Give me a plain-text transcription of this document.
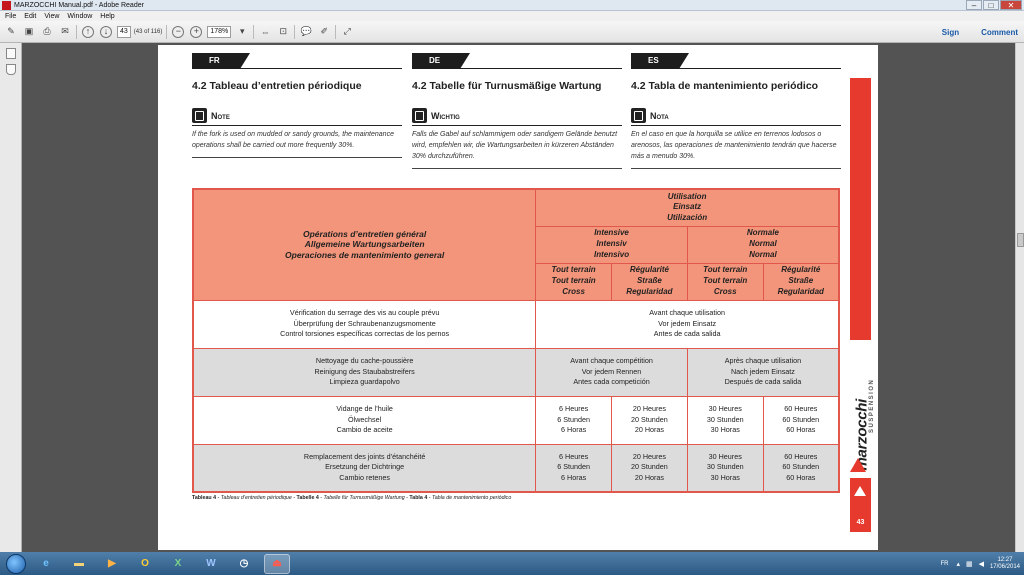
MARZOCCHI Manual.pdf - Adobe Reader	–	□	✕
File Edit View Window Help
✎	▣	⎙	✉	↑	↓	43	(43 of 116)	−	+	178%	▾	⇔	⊡	💬 ✐	⤢	Sign	Comment
FR
4.2 Tableau d’entretien périodique
Note
If the fork is used on mudded or sandy grounds, the maintenance operations shall be carried out more frequently 30%.
DE
4.2 Tabelle für Turnusmäßige Wartung
Wichtig
Falls die Gabel auf schlammigem oder sandigem Gelände benutzt wird, empfehlen wir, die Wartungsarbeiten in kürzeren Abständen 30% durchzuführen.
ES
4.2 Tabla de mantenimiento periódico
Nota
En el caso en que la horquilla se utilice en terrenos lodosos o arenosos, las operaciones de mantenimiento tendrán que hacerse más a menudo 30%.
Opérations d’entretien général
Allgemeine Wartungsarbeiten
Operaciones de mantenimiento general	Utilisation
Einsatz
Utilización			
	Intensive
Intensiv
Intensivo		Normale
Normal
Normal	
	Tout terrain
Tout terrain
Cross	Régularité
Straße
Regularidad	Tout terrain
Tout terrain
Cross	Régularité
Straße
Regularidad
Vérification du serrage des vis au couple prévu
Überprüfung der Schraubenanzugsmomente
Control torsiones específicas correctas de los pernos	Avant chaque utilisation
Vor jedem Einsatz
Antes de cada salida			
Nettoyage du cache-poussière
Reinigung des Staubabstreifers
Limpieza guardapolvo	Avant chaque compétition
Vor jedem Rennen
Antes cada competición		Après chaque utilisation
Nach jedem Einsatz
Después de cada salida	
Vidange de l’huile
Ölwechsel
Cambio de aceite	6 Heures
6 Stunden
6 Horas	20 Heures
20 Stunden
20 Horas	30 Heures
30 Stunden
30 Horas	60 Heures
60 Stunden
60 Horas
Remplacement des joints d’étanchéité
Ersetzung der Dichtringe
Cambio retenes	6 Heures
6 Stunden
6 Horas	20 Heures
20 Stunden
20 Horas	30 Heures
30 Stunden
30 Horas	60 Heures
60 Stunden
60 Horas
Tableau 4 - Tableau d’entretien périodique - Tabelle 4 - Tabelle für Turnusmäßige Wartung - Tabla 4 - Tabla de mantenimiento periódico
marzocchi
SUSPENSION
43
e	▬	▶	O	X	W	◷	⏏	FR ▴ ▦ ◀
12:27
17/06/2014
